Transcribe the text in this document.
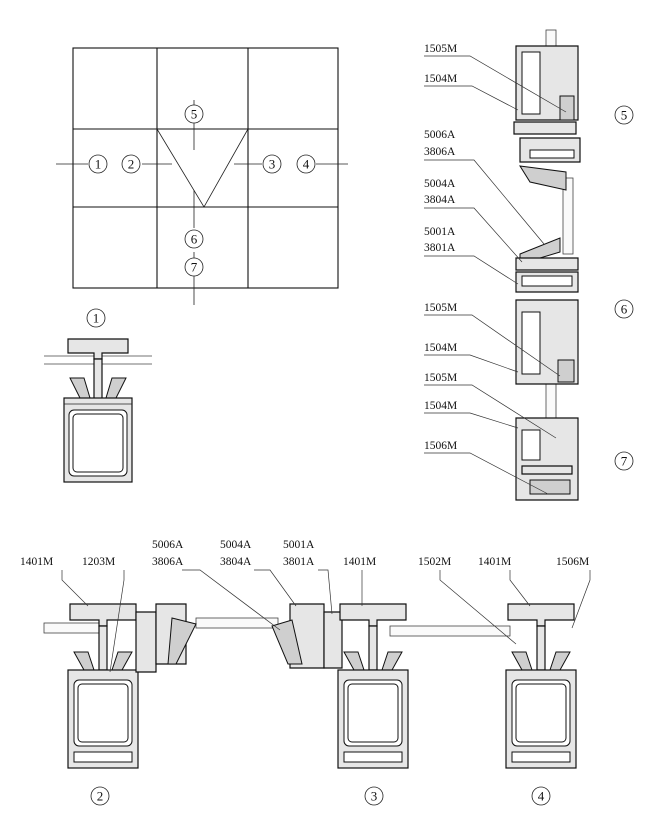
1 2	3 4
5
6
7
1
5
6
7
1505M
1504M
5006A
3806A
5004A
3804A
5001A
3801A
1505M
1504M
1505M
1504M
1506M
2	3	4
1401M	1203M
5006A
3806A
5004A
3804A
5001A
3801A 1401M	1502M 1401M	1506M
